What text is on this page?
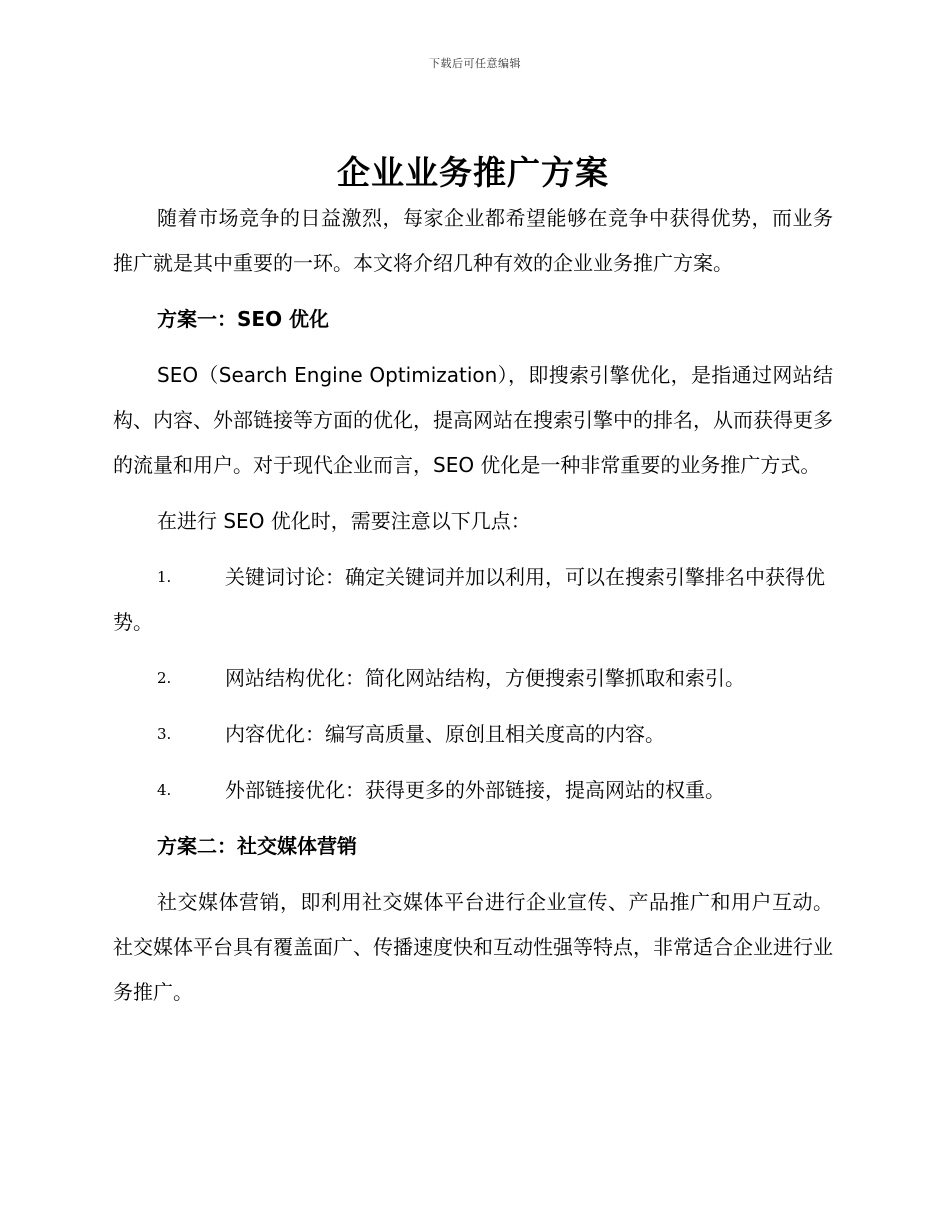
下载后可任意编辑
企业业务推广方案

随着市场竞争的日益激烈，每家企业都希望能够在竞争中获得优势，而业务推广就是其中重要的一环。本文将介绍几种有效的企业业务推广方案。

方案一：SEO 优化

SEO（Search Engine Optimization），即搜索引擎优化，是指通过网站结构、内容、外部链接等方面的优化，提高网站在搜索引擎中的排名，从而获得更多的流量和用户。对于现代企业而言，SEO 优化是一种非常重要的业务推广方式。

在进行 SEO 优化时，需要注意以下几点：

1.	关键词讨论：确定关键词并加以利用，可以在搜索引擎排名中获得优势。

2.	网站结构优化：简化网站结构，方便搜索引擎抓取和索引。

3.	内容优化：编写高质量、原创且相关度高的内容。

4.	外部链接优化：获得更多的外部链接，提高网站的权重。

方案二：社交媒体营销

社交媒体营销，即利用社交媒体平台进行企业宣传、产品推广和用户互动。社交媒体平台具有覆盖面广、传播速度快和互动性强等特点，非常适合企业进行业务推广。
